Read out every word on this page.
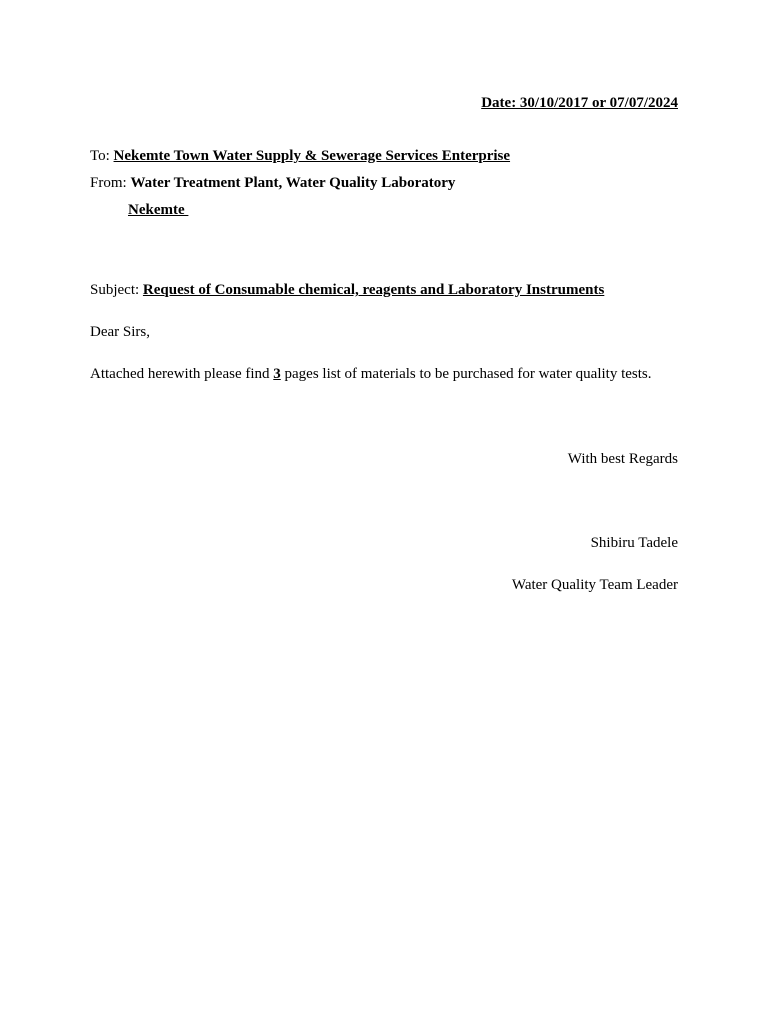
Date: 30/10/2017 or 07/07/2024
To: Nekemte Town Water Supply & Sewerage Services Enterprise
From: Water Treatment Plant, Water Quality Laboratory
Nekemte
Subject: Request of Consumable chemical, reagents and Laboratory Instruments
Dear Sirs,
Attached herewith please find 3 pages list of materials to be purchased for water quality tests.
With best Regards
Shibiru Tadele
Water Quality Team Leader
